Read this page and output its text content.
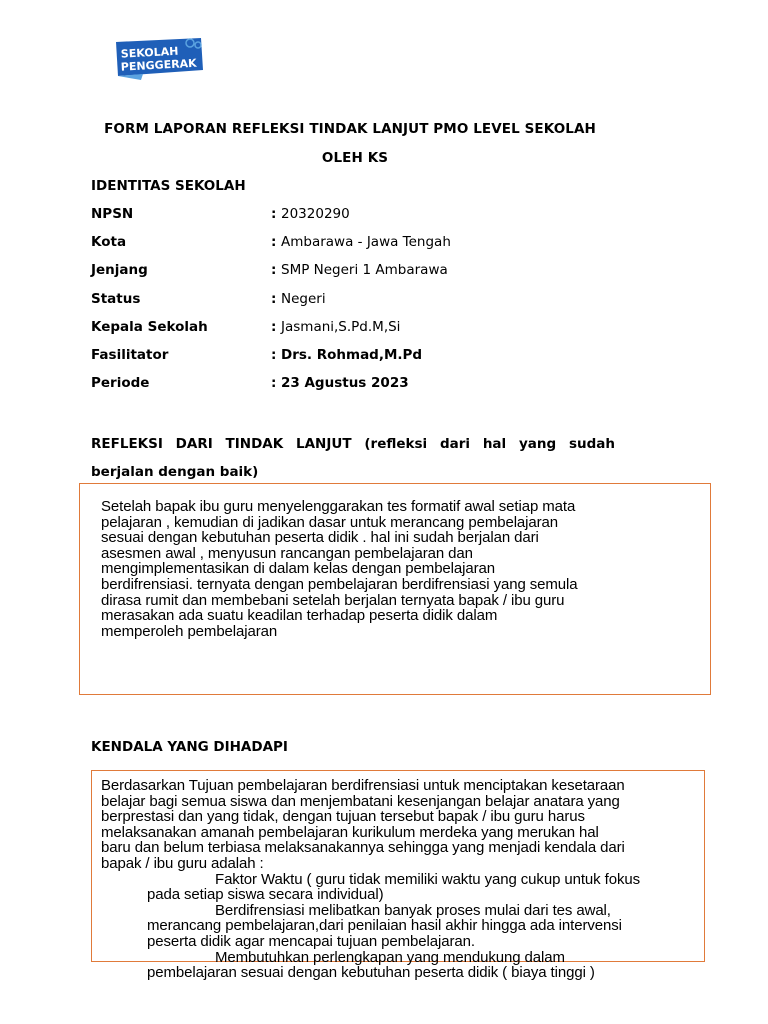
SEKOLAH
PENGGERAK
FORM LAPORAN REFLEKSI TINDAK LANJUT PMO LEVEL SEKOLAH
OLEH KS
IDENTITAS SEKOLAH
NPSN	: 20320290
Kota	: Ambarawa - Jawa Tengah
Jenjang	: SMP Negeri 1 Ambarawa
Status	: Negeri
Kepala Sekolah	: Jasmani,S.Pd.M,Si
Fasilitator	: Drs. Rohmad,M.Pd
Periode	: 23 Agustus 2023
REFLEKSI DARI TINDAK LANJUT (refleksi dari hal yang sudah
berjalan dengan baik)

Setelah bapak ibu guru menyelenggarakan tes formatif awal setiap mata

pelajaran , kemudian di jadikan dasar untuk merancang pembelajaran

sesuai dengan kebutuhan peserta didik . hal ini sudah berjalan dari

asesmen awal , menyusun rancangan pembelajaran dan

mengimplementasikan di dalam kelas dengan pembelajaran

berdifrensiasi. ternyata dengan pembelajaran berdifrensiasi yang semula

dirasa rumit dan membebani setelah berjalan ternyata bapak / ibu guru

merasakan ada suatu keadilan terhadap peserta didik dalam

memperoleh pembelajaran

KENDALA YANG DIHADAPI

Berdasarkan Tujuan pembelajaran berdifrensiasi untuk menciptakan kesetaraan

belajar bagi semua siswa dan menjembatani kesenjangan belajar anatara yang

berprestasi dan yang tidak, dengan tujuan tersebut bapak / ibu guru harus

melaksanakan amanah pembelajaran kurikulum merdeka yang merukan hal

baru dan belum terbiasa melaksanakannya sehingga yang menjadi kendala dari

bapak / ibu guru adalah :

Faktor Waktu ( guru tidak memiliki waktu yang cukup untuk fokus

pada setiap siswa secara individual)

Berdifrensiasi melibatkan banyak proses mulai dari tes awal,

merancang pembelajaran,dari penilaian hasil akhir hingga ada intervensi

peserta didik agar mencapai tujuan pembelajaran.

Membutuhkan perlengkapan yang mendukung dalam

pembelajaran sesuai dengan kebutuhan peserta didik ( biaya tinggi )
